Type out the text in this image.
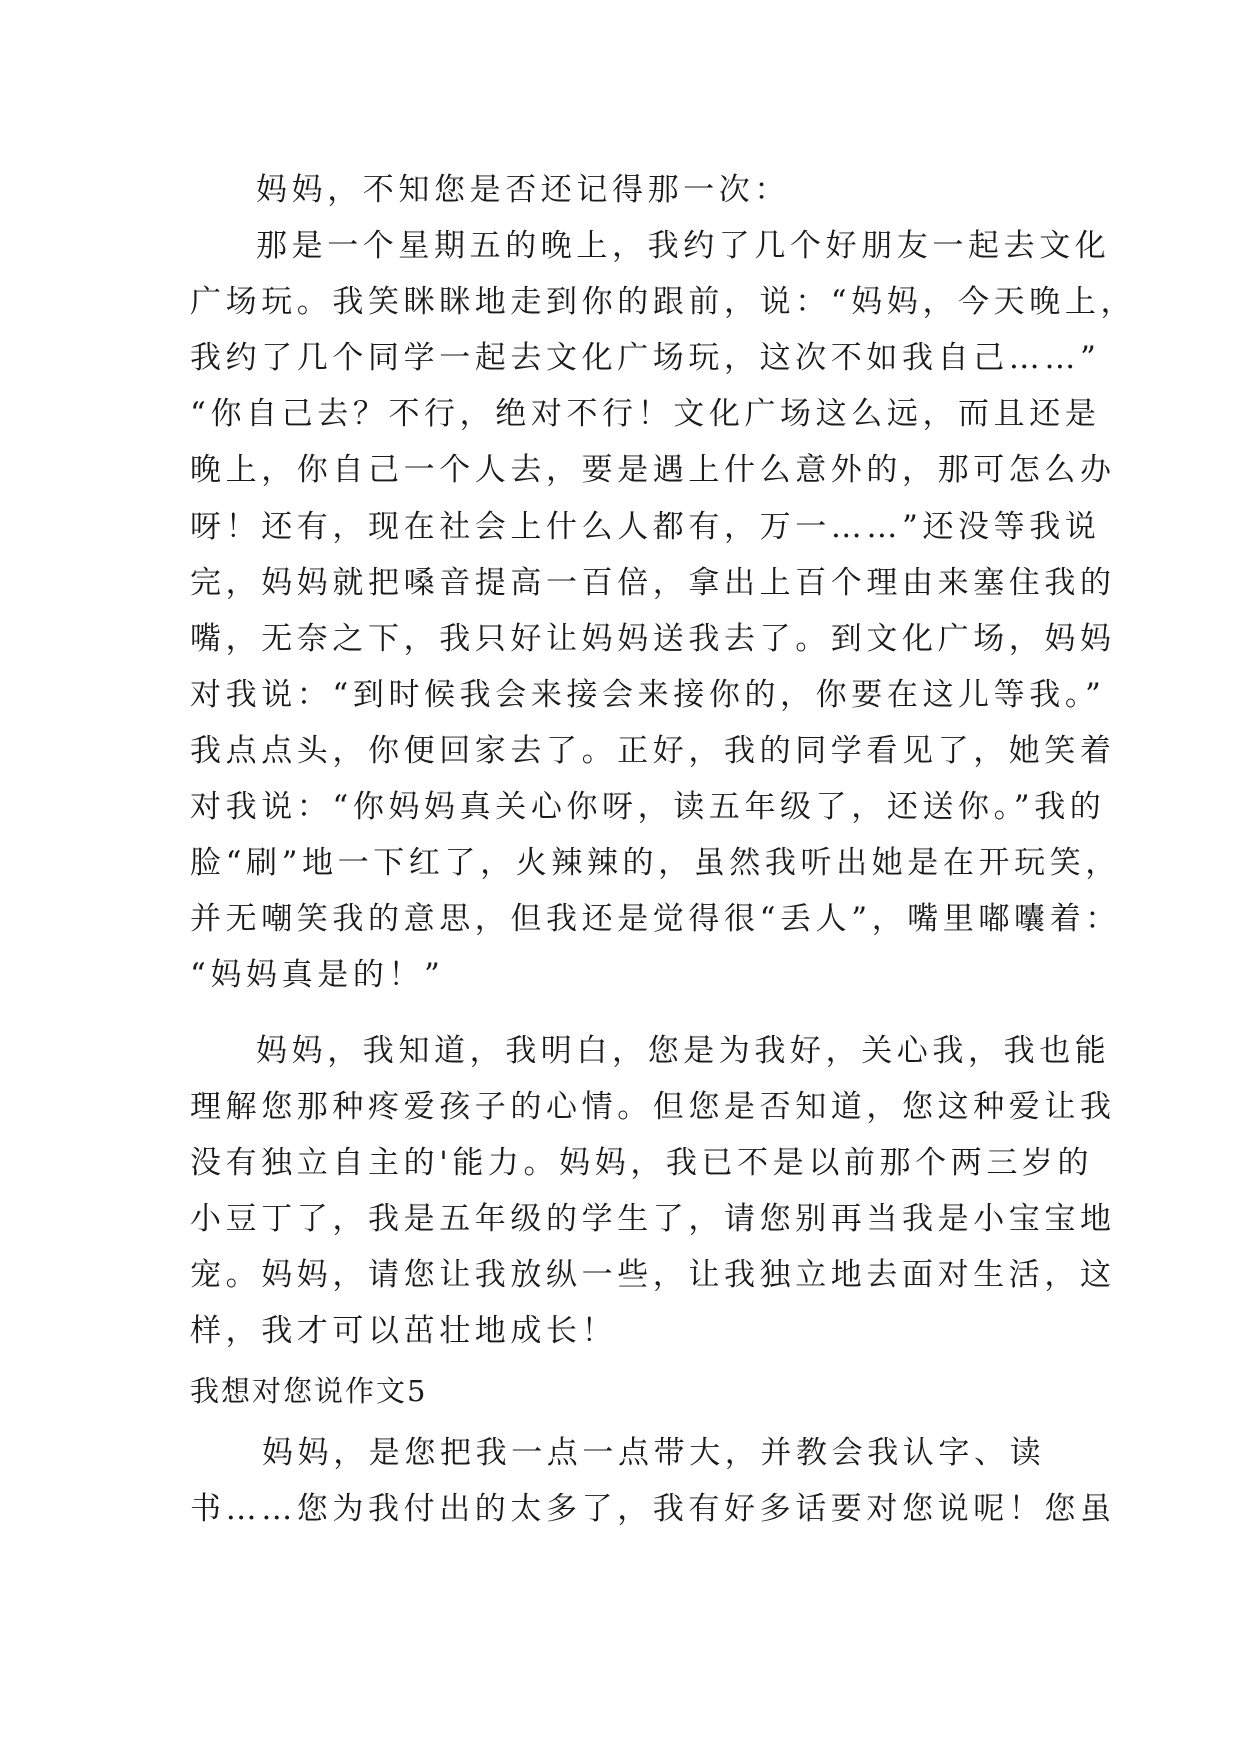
妈妈，不知您是否还记得那一次：
那是一个星期五的晚上，我约了几个好朋友一起去文化
广场玩。我笑眯眯地走到你的跟前，说：“妈妈，今天晚上，
我约了几个同学一起去文化广场玩，这次不如我自己……”
“你自己去？不行，绝对不行！文化广场这么远，而且还是
晚上，你自己一个人去，要是遇上什么意外的，那可怎么办
呀！还有，现在社会上什么人都有，万一……”还没等我说
完，妈妈就把嗓音提高一百倍，拿出上百个理由来塞住我的
嘴，无奈之下，我只好让妈妈送我去了。到文化广场，妈妈
对我说：“到时候我会来接会来接你的，你要在这儿等我。”
我点点头，你便回家去了。正好，我的同学看见了，她笑着
对我说：“你妈妈真关心你呀，读五年级了，还送你。”我的
脸“刷”地一下红了，火辣辣的，虽然我听出她是在开玩笑，
并无嘲笑我的意思，但我还是觉得很“丢人”，嘴里嘟囔着：
“妈妈真是的！”
妈妈，我知道，我明白，您是为我好，关心我，我也能
理解您那种疼爱孩子的心情。但您是否知道，您这种爱让我
没有独立自主的'能力。妈妈，我已不是以前那个两三岁的
小豆丁了，我是五年级的学生了，请您别再当我是小宝宝地
宠。妈妈，请您让我放纵一些，让我独立地去面对生活，这
样，我才可以茁壮地成长！
我想对您说作文5
妈妈，是您把我一点一点带大，并教会我认字、读
书……您为我付出的太多了，我有好多话要对您说呢！您虽
